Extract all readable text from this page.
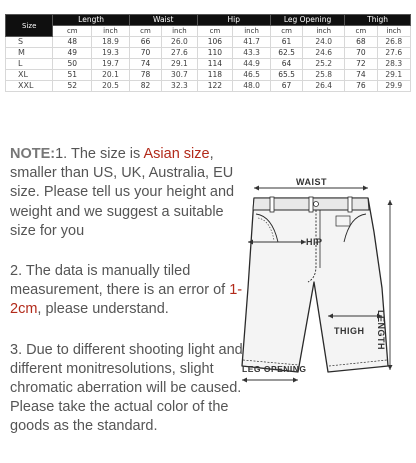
Size	Length		Waist		Hip		Leg Opening		Thigh	
	cm	inch	cm	inch	cm	inch	cm	inch	cm	inch
S	48	18.9	66	26.0	106	41.7	61	24.0	68	26.8
M	49	19.3	70	27.6	110	43.3	62.5	24.6	70	27.6
L	50	19.7	74	29.1	114	44.9	64	25.2	72	28.3
XL	51	20.1	78	30.7	118	46.5	65.5	25.8	74	29.1
XXL	52	20.5	82	32.3	122	48.0	67	26.4	76	29.9

NOTE:1. The size is Asian size, smaller than US, UK, Australia, EU size. Please tell us your height and weight and we suggest a suitable size for you

2. The data is manually tiled measurement, there is an error of 1-2cm, please understand.

3. Due to different shooting light and different monitresolutions, slight chromatic aberration will be caused. Please take the actual color of the goods as the standard.

WAIST
HIP
THIGH
LEG OPENING
LENGTH
